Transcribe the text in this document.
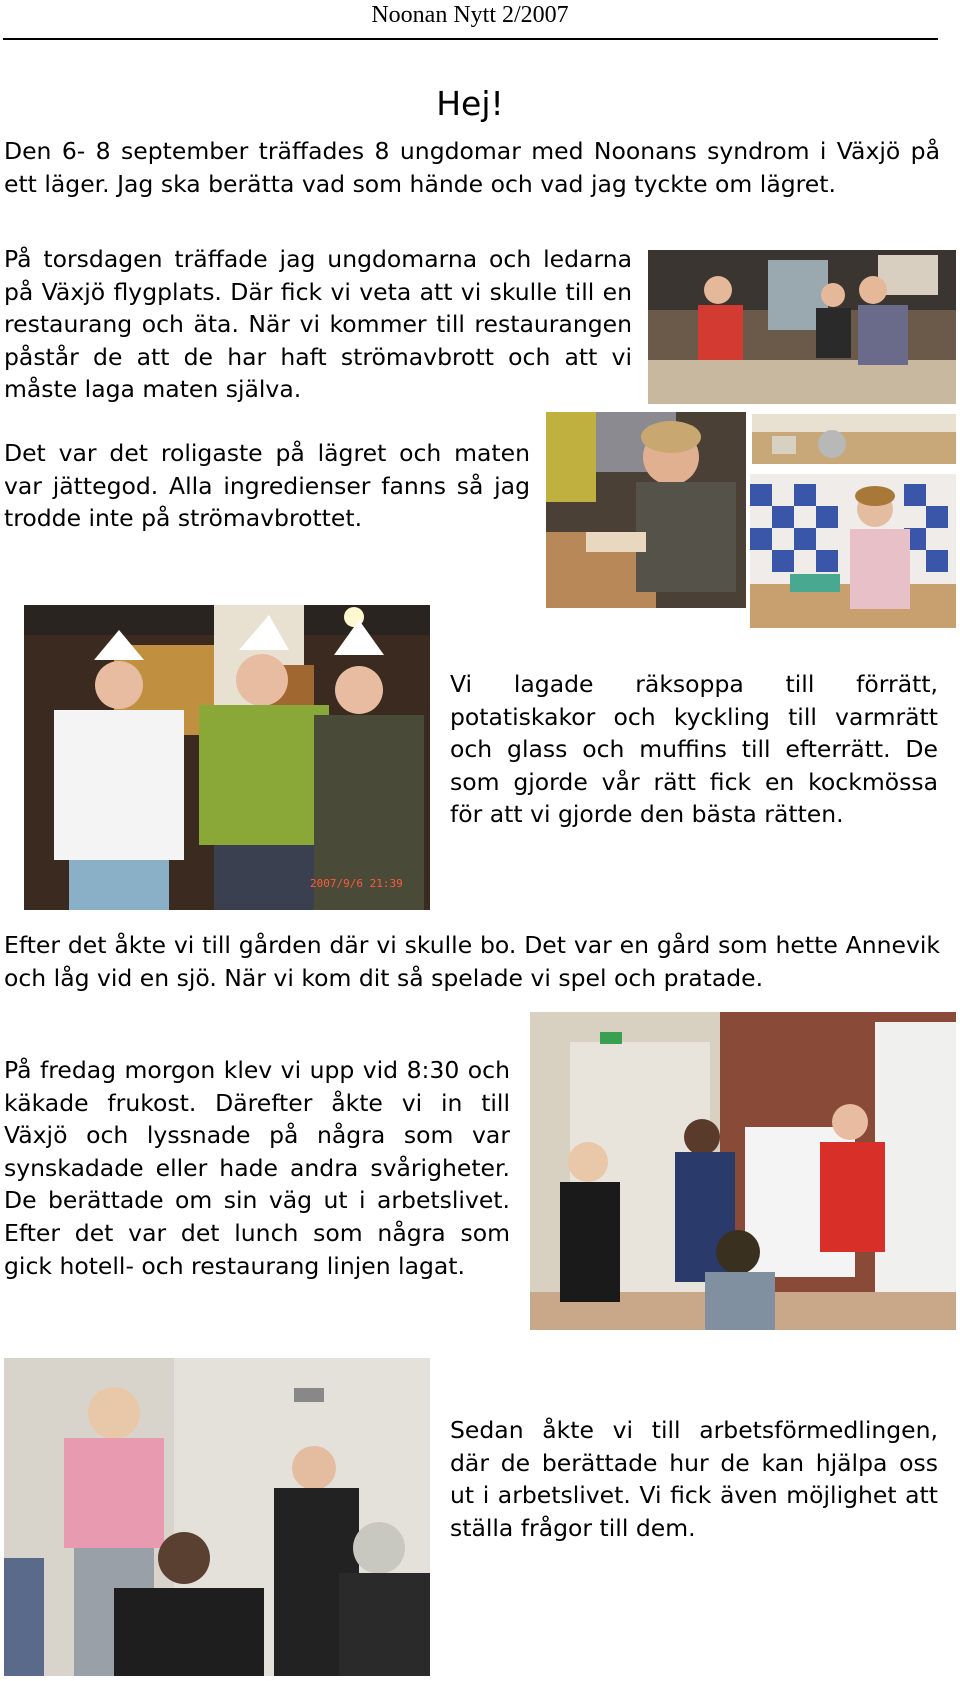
Noonan Nytt 2/2007
Hej!

Den 6- 8 september träffades 8 ungdomar med Noonans syndrom i Växjö på ett läger. Jag ska berätta vad som hände och vad jag tyckte om lägret.

På torsdagen träffade jag ungdomarna och ledarna på Växjö flygplats. Där fick vi veta att vi skulle till en restaurang och äta. När vi kommer till restaurangen påstår de att de har haft strömavbrott och att vi måste laga maten själva.

Det var det roligaste på lägret och maten var jättegod. Alla ingredienser fanns så jag trodde inte på strömavbrottet.

2007/9/6 21:39

Vi lagade räksoppa till förrätt, potatiskakor och kyckling till varmrätt och glass och muffins till efterrätt. De som gjorde vår rätt fick en kockmössa för att vi gjorde den bästa rätten.

Efter det åkte vi till gården där vi skulle bo. Det var en gård som hette Annevik och låg vid en sjö. När vi kom dit så spelade vi spel och pratade.

På fredag morgon klev vi upp vid 8:30 och käkade frukost. Därefter åkte vi in till Växjö och lyssnade på några som var synskadade eller hade andra svårigheter. De berättade om sin väg ut i arbetslivet. Efter det var det lunch som några som gick hotell- och restaurang linjen lagat.

Sedan åkte vi till arbetsförmedlingen, där de berättade hur de kan hjälpa oss ut i arbetslivet. Vi fick även möjlighet att ställa frågor till dem.
